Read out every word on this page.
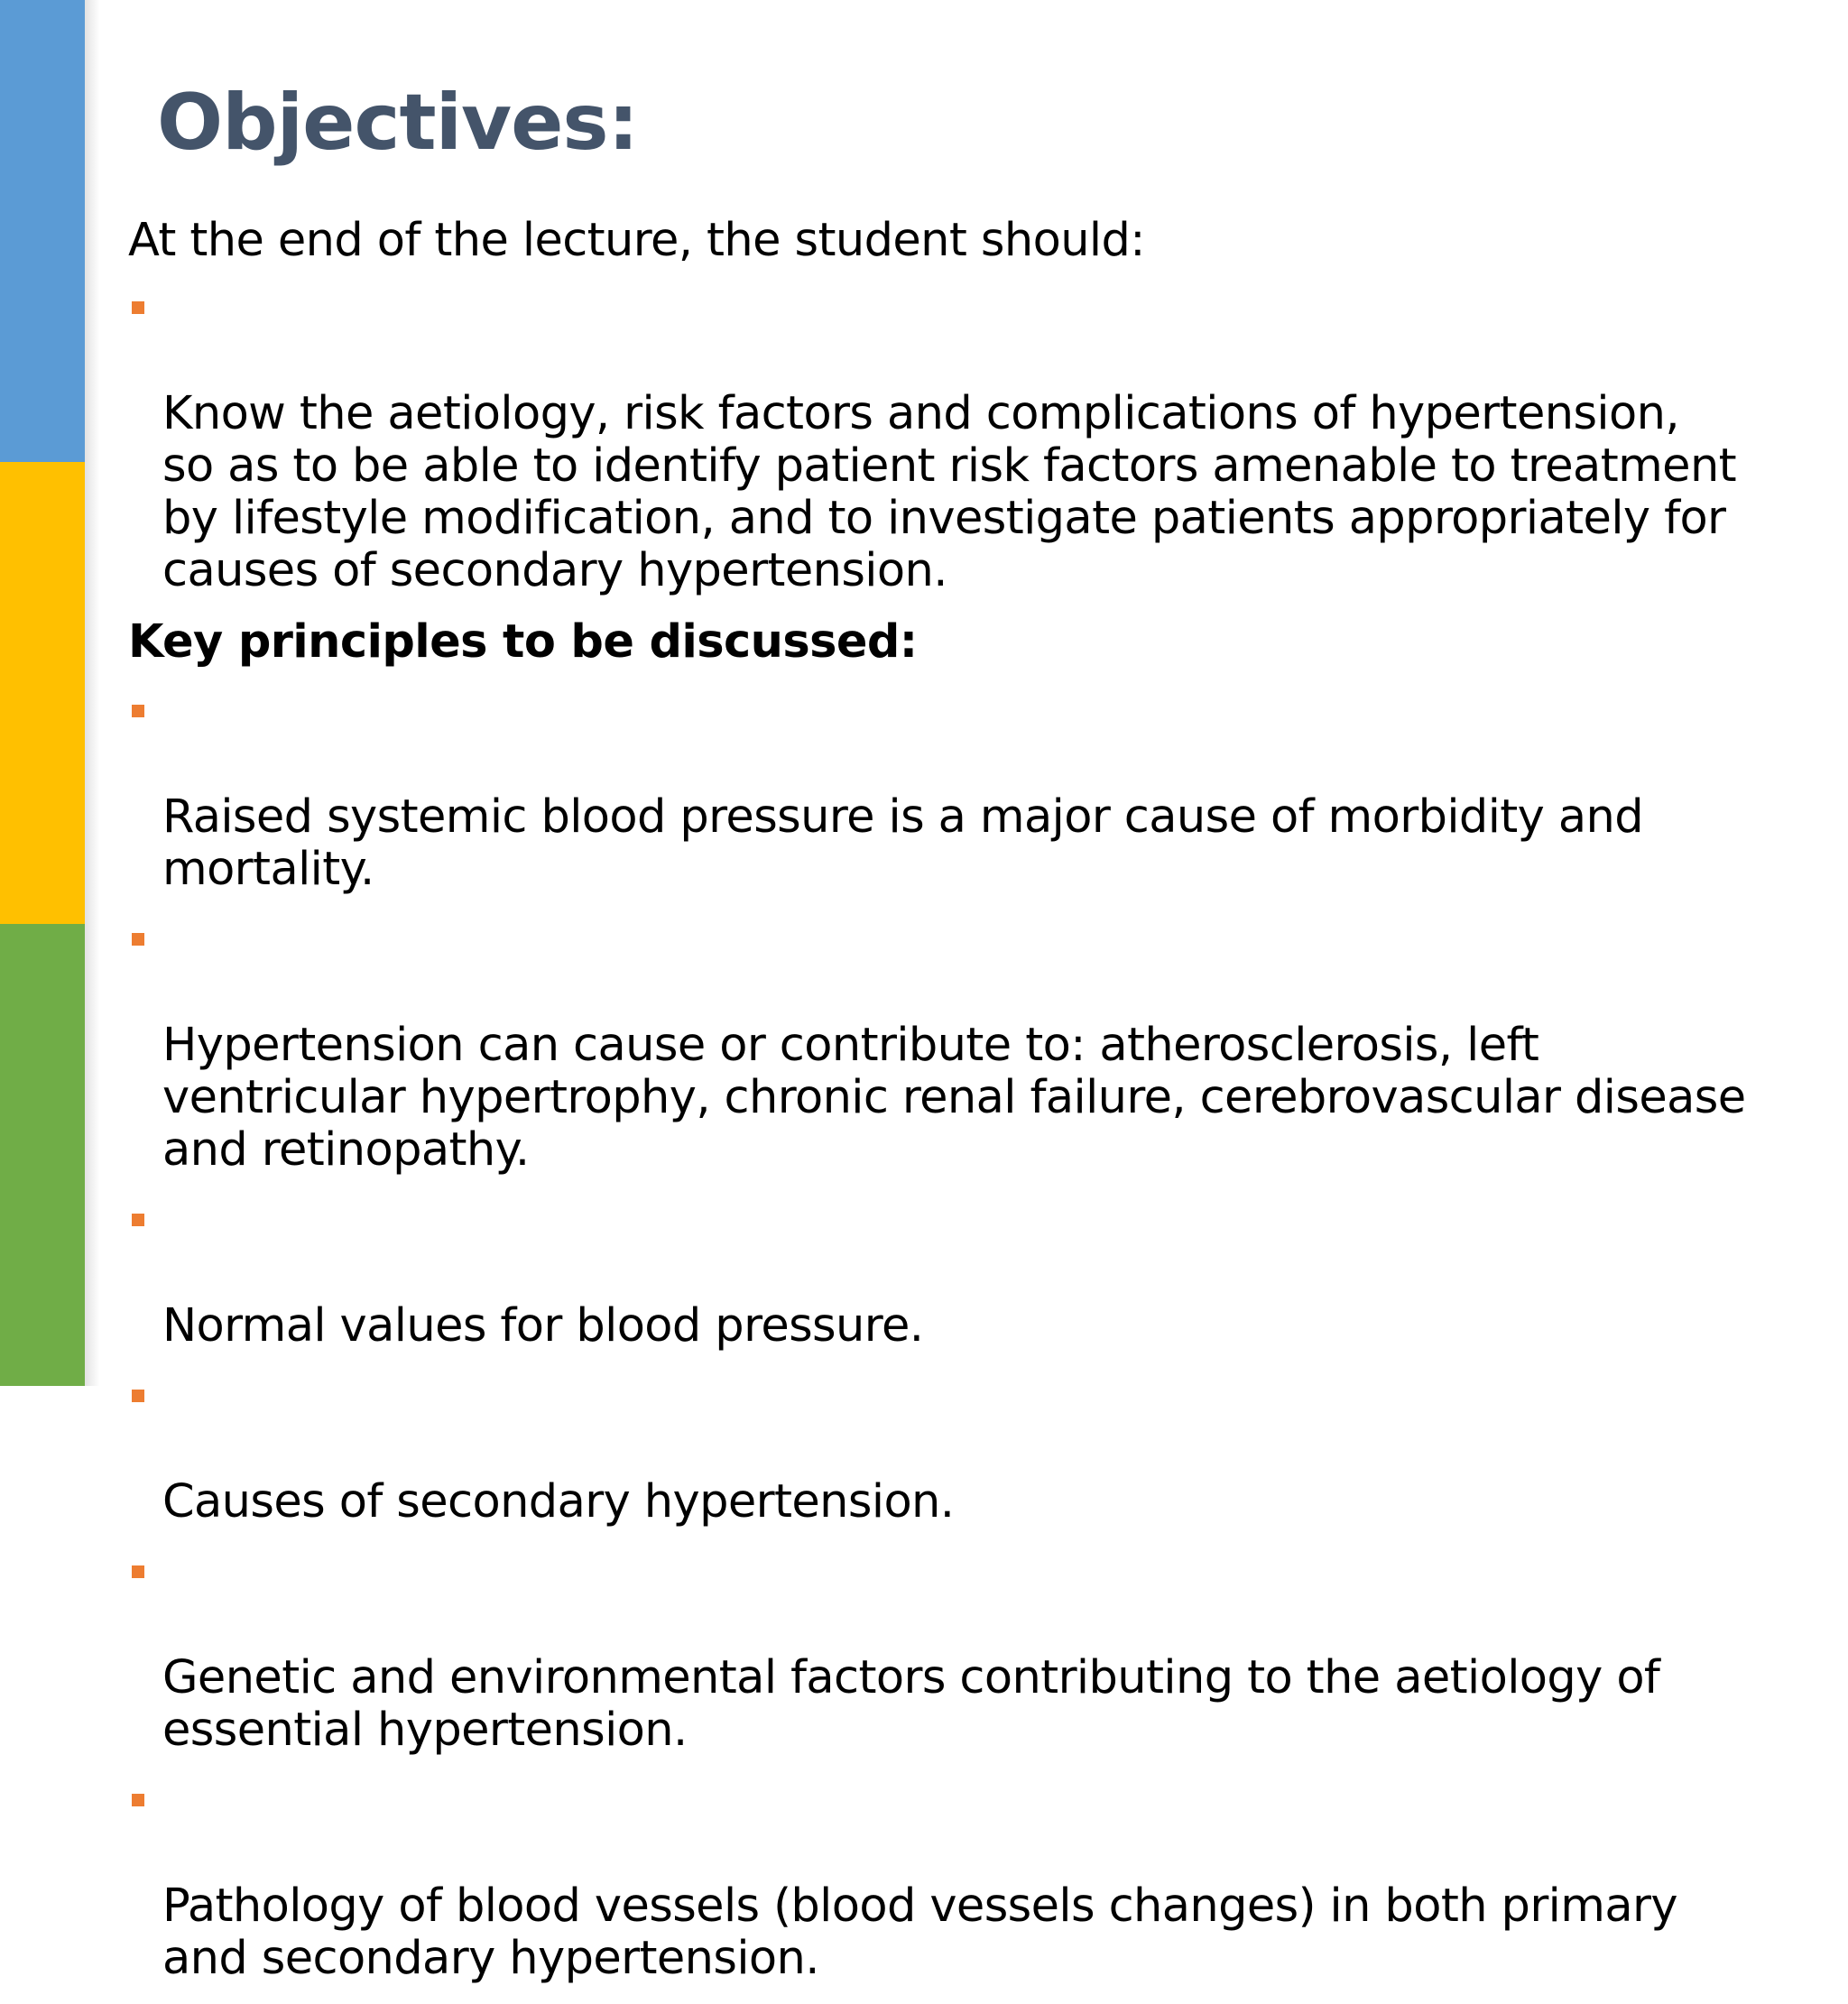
Objectives:

At the end of the lecture, the student should:

Know the aetiology, risk factors and complications of hypertension,
so as to be able to identify patient risk factors amenable to treatment
by lifestyle modification, and to investigate patients appropriately for
causes of secondary hypertension.

Key principles to be discussed:

Raised systemic blood pressure is a major cause of morbidity and
mortality.

Hypertension can cause or contribute to: atherosclerosis, left
ventricular hypertrophy, chronic renal failure, cerebrovascular disease
and retinopathy.

Normal values for blood pressure.

Causes of secondary hypertension.

Genetic and environmental factors contributing to the aetiology of
essential hypertension.

Pathology of blood vessels (blood vessels changes) in both primary
and secondary hypertension.
